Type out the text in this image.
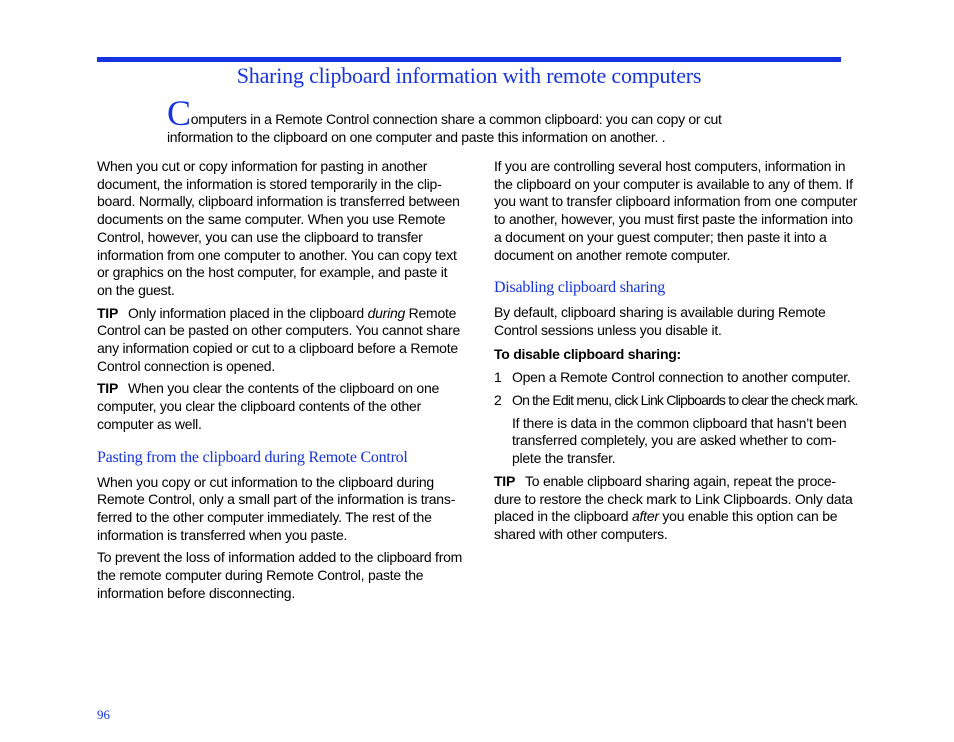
Sharing clipboard information with remote computers
Computers in a Remote Control connection share a common clipboard: you can copy or cut information to the clipboard on one computer and paste this information on another. .

When you cut or copy information for pasting in another document, the information is stored temporarily in the clipboard. Normally, clipboard information is transferred between documents on the same computer. When you use Remote Control, however, you can use the clipboard to transfer information from one computer to another. You can copy text or graphics on the host computer, for example, and paste it on the guest.

TIP Only information placed in the clipboard during Remote Control can be pasted on other computers. You cannot share any information copied or cut to a clipboard before a Remote Control connection is opened.

TIP When you clear the contents of the clipboard on one computer, you clear the clipboard contents of the other computer as well.

Pasting from the clipboard during Remote Control

When you copy or cut information to the clipboard during Remote Control, only a small part of the information is transferred to the other computer immediately. The rest of the information is transferred when you paste.

To prevent the loss of information added to the clipboard from the remote computer during Remote Control, paste the information before disconnecting.

If you are controlling several host computers, information in the clipboard on your computer is available to any of them. If you want to transfer clipboard information from one computer to another, however, you must first paste the information into a document on your guest computer; then paste it into a document on another remote computer.

Disabling clipboard sharing

By default, clipboard sharing is available during Remote Control sessions unless you disable it.

To disable clipboard sharing:

1 Open a Remote Control connection to another computer.
2 On the Edit menu, click Link Clipboards to clear the check mark.

If there is data in the common clipboard that hasn’t been transferred completely, you are asked whether to complete the transfer.

TIP To enable clipboard sharing again, repeat the procedure to restore the check mark to Link Clipboards. Only data placed in the clipboard after you enable this option can be shared with other computers.

96
